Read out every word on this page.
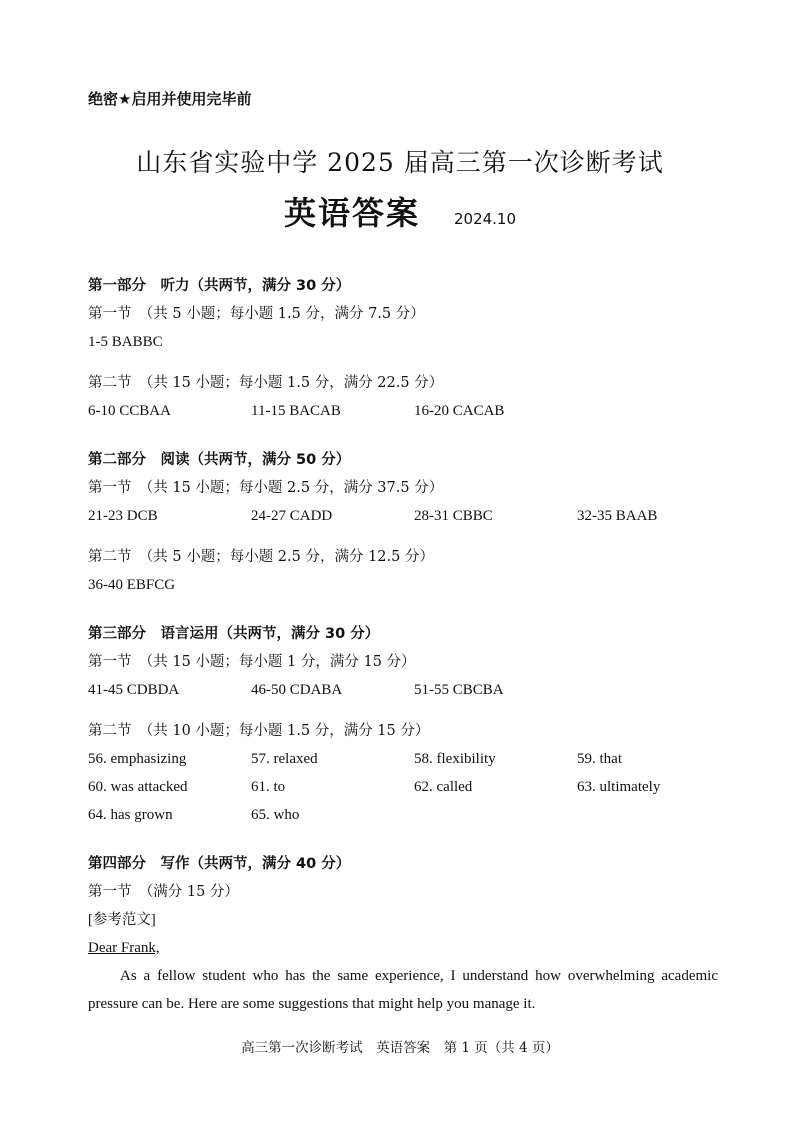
绝密★启用并使用完毕前
山东省实验中学 2025 届高三第一次诊断考试
英语答案 2024.10
第一部分　听力（共两节，满分 30 分）
第一节　（共 5 小题；每小题 1.5 分，满分 7.5 分）
1-5 BABBC
第二节　（共 15 小题；每小题 1.5 分，满分 22.5 分）
6-10 CCBAA	11-15 BACAB	16-20 CACAB
第二部分　阅读（共两节，满分 50 分）
第一节　（共 15 小题；每小题 2.5 分，满分 37.5 分）
21-23 DCB	24-27 CADD	28-31 CBBC	32-35 BAAB
第二节　（共 5 小题；每小题 2.5 分，满分 12.5 分）
36-40 EBFCG
第三部分　语言运用（共两节，满分 30 分）
第一节　（共 15 小题；每小题 1 分，满分 15 分）
41-45 CDBDA	46-50 CDABA	51-55 CBCBA
第二节　（共 10 小题；每小题 1.5 分，满分 15 分）
56. emphasizing	57. relaxed	58. flexibility	59. that
60. was attacked	61. to	62. called	63. ultimately
64. has grown	65. who
第四部分　写作（共两节，满分 40 分）
第一节　（满分 15 分）
[参考范文]
Dear Frank,
As a fellow student who has the same experience, I understand how overwhelming academic pressure can be. Here are some suggestions that might help you manage it.
高三第一次诊断考试　英语答案　第 1 页（共 4 页）
